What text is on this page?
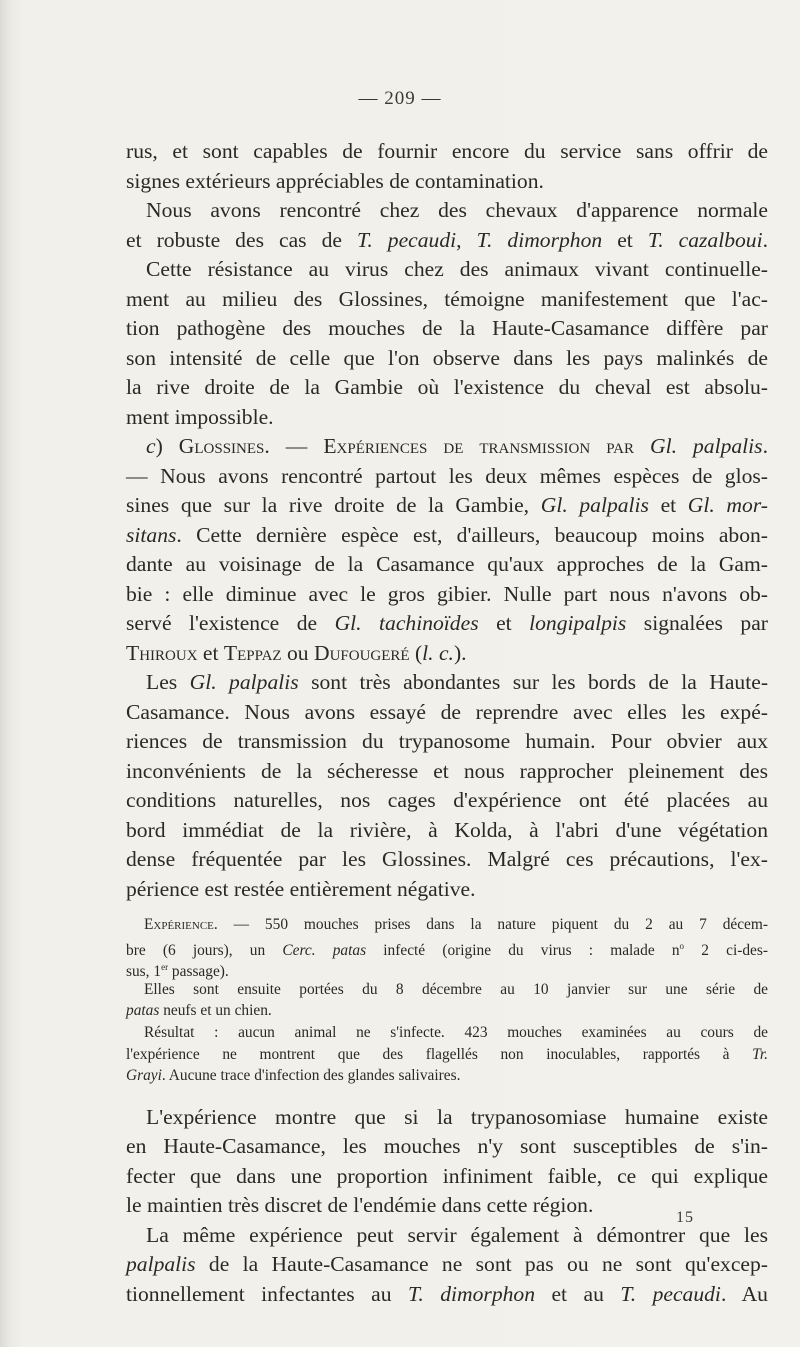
— 209 —
rus, et sont capables de fournir encore du service sans offrir de
signes extérieurs appréciables de contamination.
Nous avons rencontré chez des chevaux d'apparence normale
et robuste des cas de T. pecaudi, T. dimorphon et T. cazalboui.
Cette résistance au virus chez des animaux vivant continuelle-
ment au milieu des Glossines, témoigne manifestement que l'ac-
tion pathogène des mouches de la Haute-Casamance diffère par
son intensité de celle que l'on observe dans les pays malinkés de
la rive droite de la Gambie où l'existence du cheval est absolu-
ment impossible.
c) Glossines. — Expériences de transmission par Gl. palpalis.
— Nous avons rencontré partout les deux mêmes espèces de glos-
sines que sur la rive droite de la Gambie, Gl. palpalis et Gl. mor-
sitans. Cette dernière espèce est, d'ailleurs, beaucoup moins abon-
dante au voisinage de la Casamance qu'aux approches de la Gam-
bie : elle diminue avec le gros gibier. Nulle part nous n'avons ob-
servé l'existence de Gl. tachinoïdes et longipalpis signalées par
Thiroux et Teppaz ou Dufougeré (l. c.).
Les Gl. palpalis sont très abondantes sur les bords de la Haute-
Casamance. Nous avons essayé de reprendre avec elles les expé-
riences de transmission du trypanosome humain. Pour obvier aux
inconvénients de la sécheresse et nous rapprocher pleinement des
conditions naturelles, nos cages d'expérience ont été placées au
bord immédiat de la rivière, à Kolda, à l'abri d'une végétation
dense fréquentée par les Glossines. Malgré ces précautions, l'ex-
périence est restée entièrement négative.
Expérience. — 550 mouches prises dans la nature piquent du 2 au 7 décem-
bre (6 jours), un Cerc. patas infecté (origine du virus : malade $n^o$ 2 ci-des-
sus, 1er passage).
Elles sont ensuite portées du 8 décembre au 10 janvier sur une série de
patas neufs et un chien.
Résultat : aucun animal ne s'infecte. 423 mouches examinées au cours de
l'expérience ne montrent que des flagellés non inoculables, rapportés à Tr.
Grayi. Aucune trace d'infection des glandes salivaires.
L'expérience montre que si la trypanosomiase humaine existe
en Haute-Casamance, les mouches n'y sont susceptibles de s'in-
fecter que dans une proportion infiniment faible, ce qui explique
le maintien très discret de l'endémie dans cette région.
La même expérience peut servir également à démontrer que les
palpalis de la Haute-Casamance ne sont pas ou ne sont qu'excep-
tionnellement infectantes au T. dimorphon et au T. pecaudi. Au
15
